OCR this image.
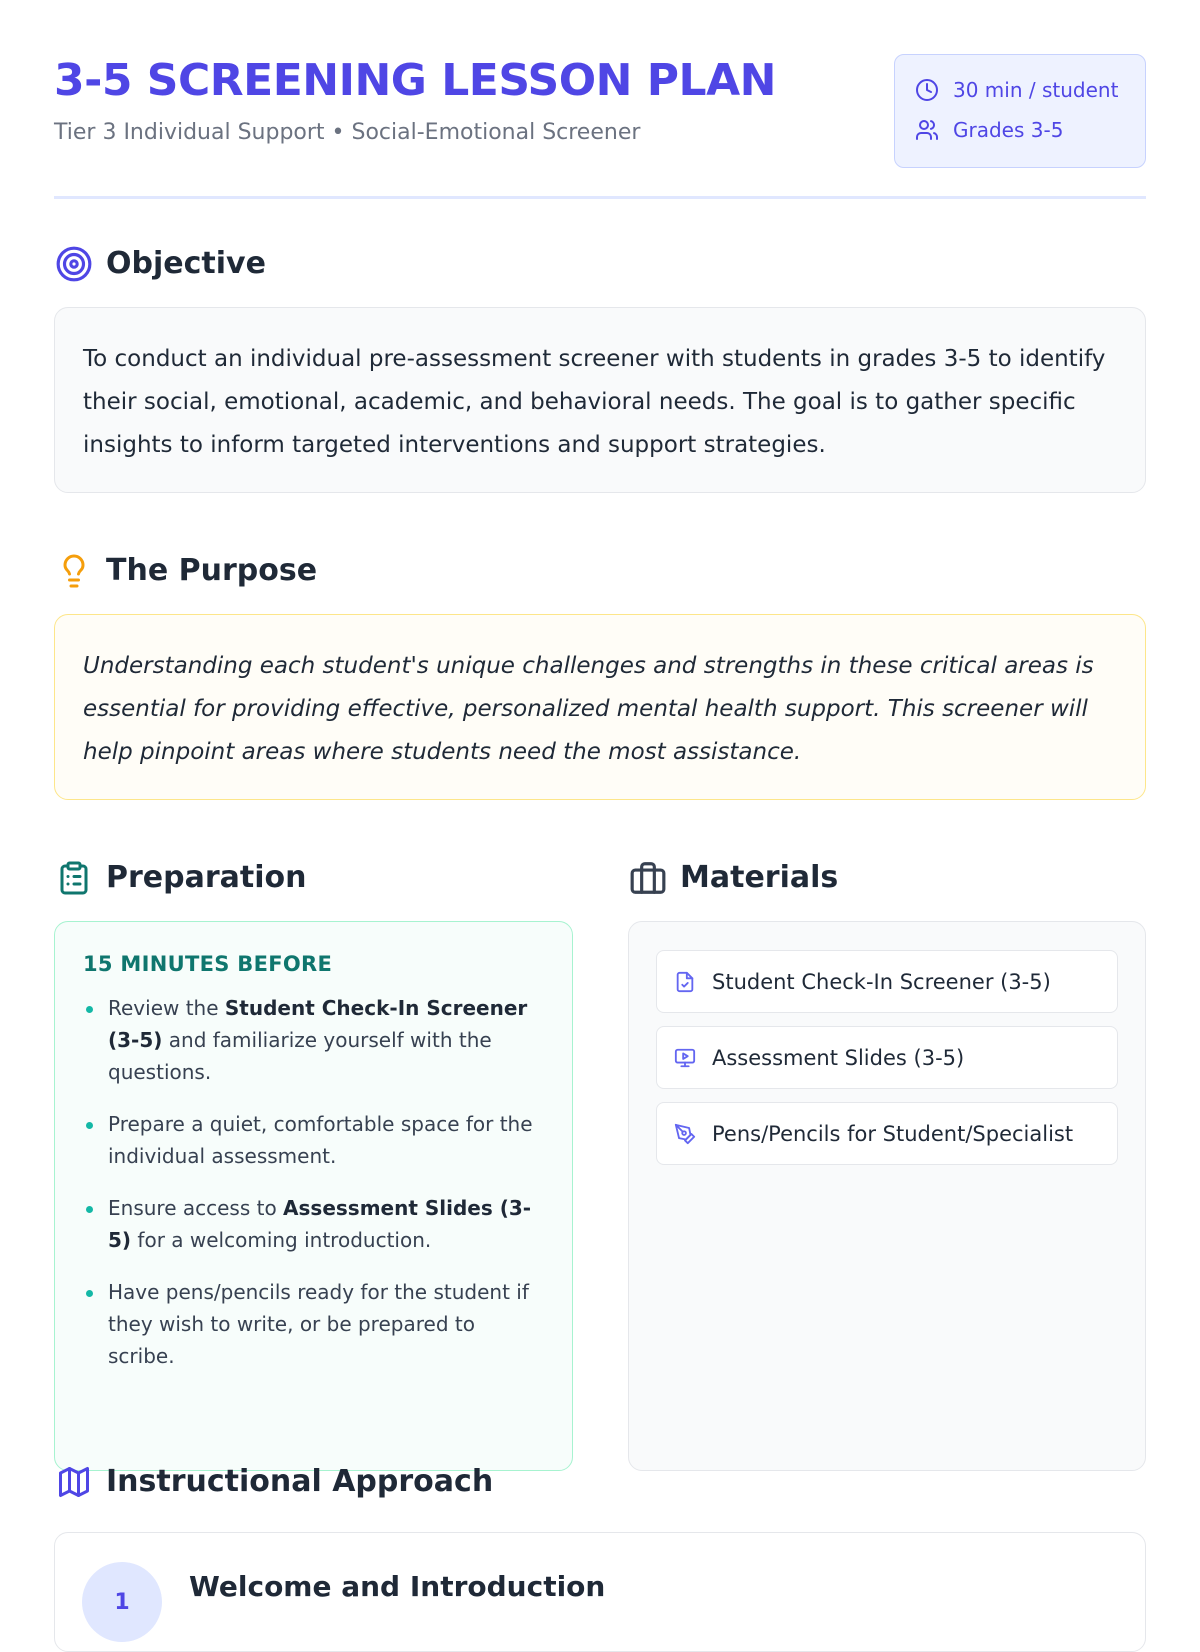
3-5 SCREENING LESSON PLAN
Tier 3 Individual Support • Social-Emotional Screener
30 min / student
Grades 3-5
Objective

To conduct an individual pre-assessment screener with students in grades 3-5 to identify their social, emotional, academic, and behavioral needs. The goal is to gather specific insights to inform targeted interventions and support strategies.

The Purpose

Understanding each student's unique challenges and strengths in these critical areas is essential for providing effective, personalized mental health support. This screener will help pinpoint areas where students need the most assistance.

Preparation
15 MINUTES BEFORE
Review the Student Check-In Screener (3-5) and familiarize yourself with the questions.
Prepare a quiet, comfortable space for the individual assessment.
Ensure access to Assessment Slides (3-5) for a welcoming introduction.
Have pens/pencils ready for the student if they wish to write, or be prepared to scribe.
Materials
Student Check-In Screener (3-5)
Assessment Slides (3-5)
Pens/Pencils for Student/Specialist
Instructional Approach
1	Welcome and Introduction
